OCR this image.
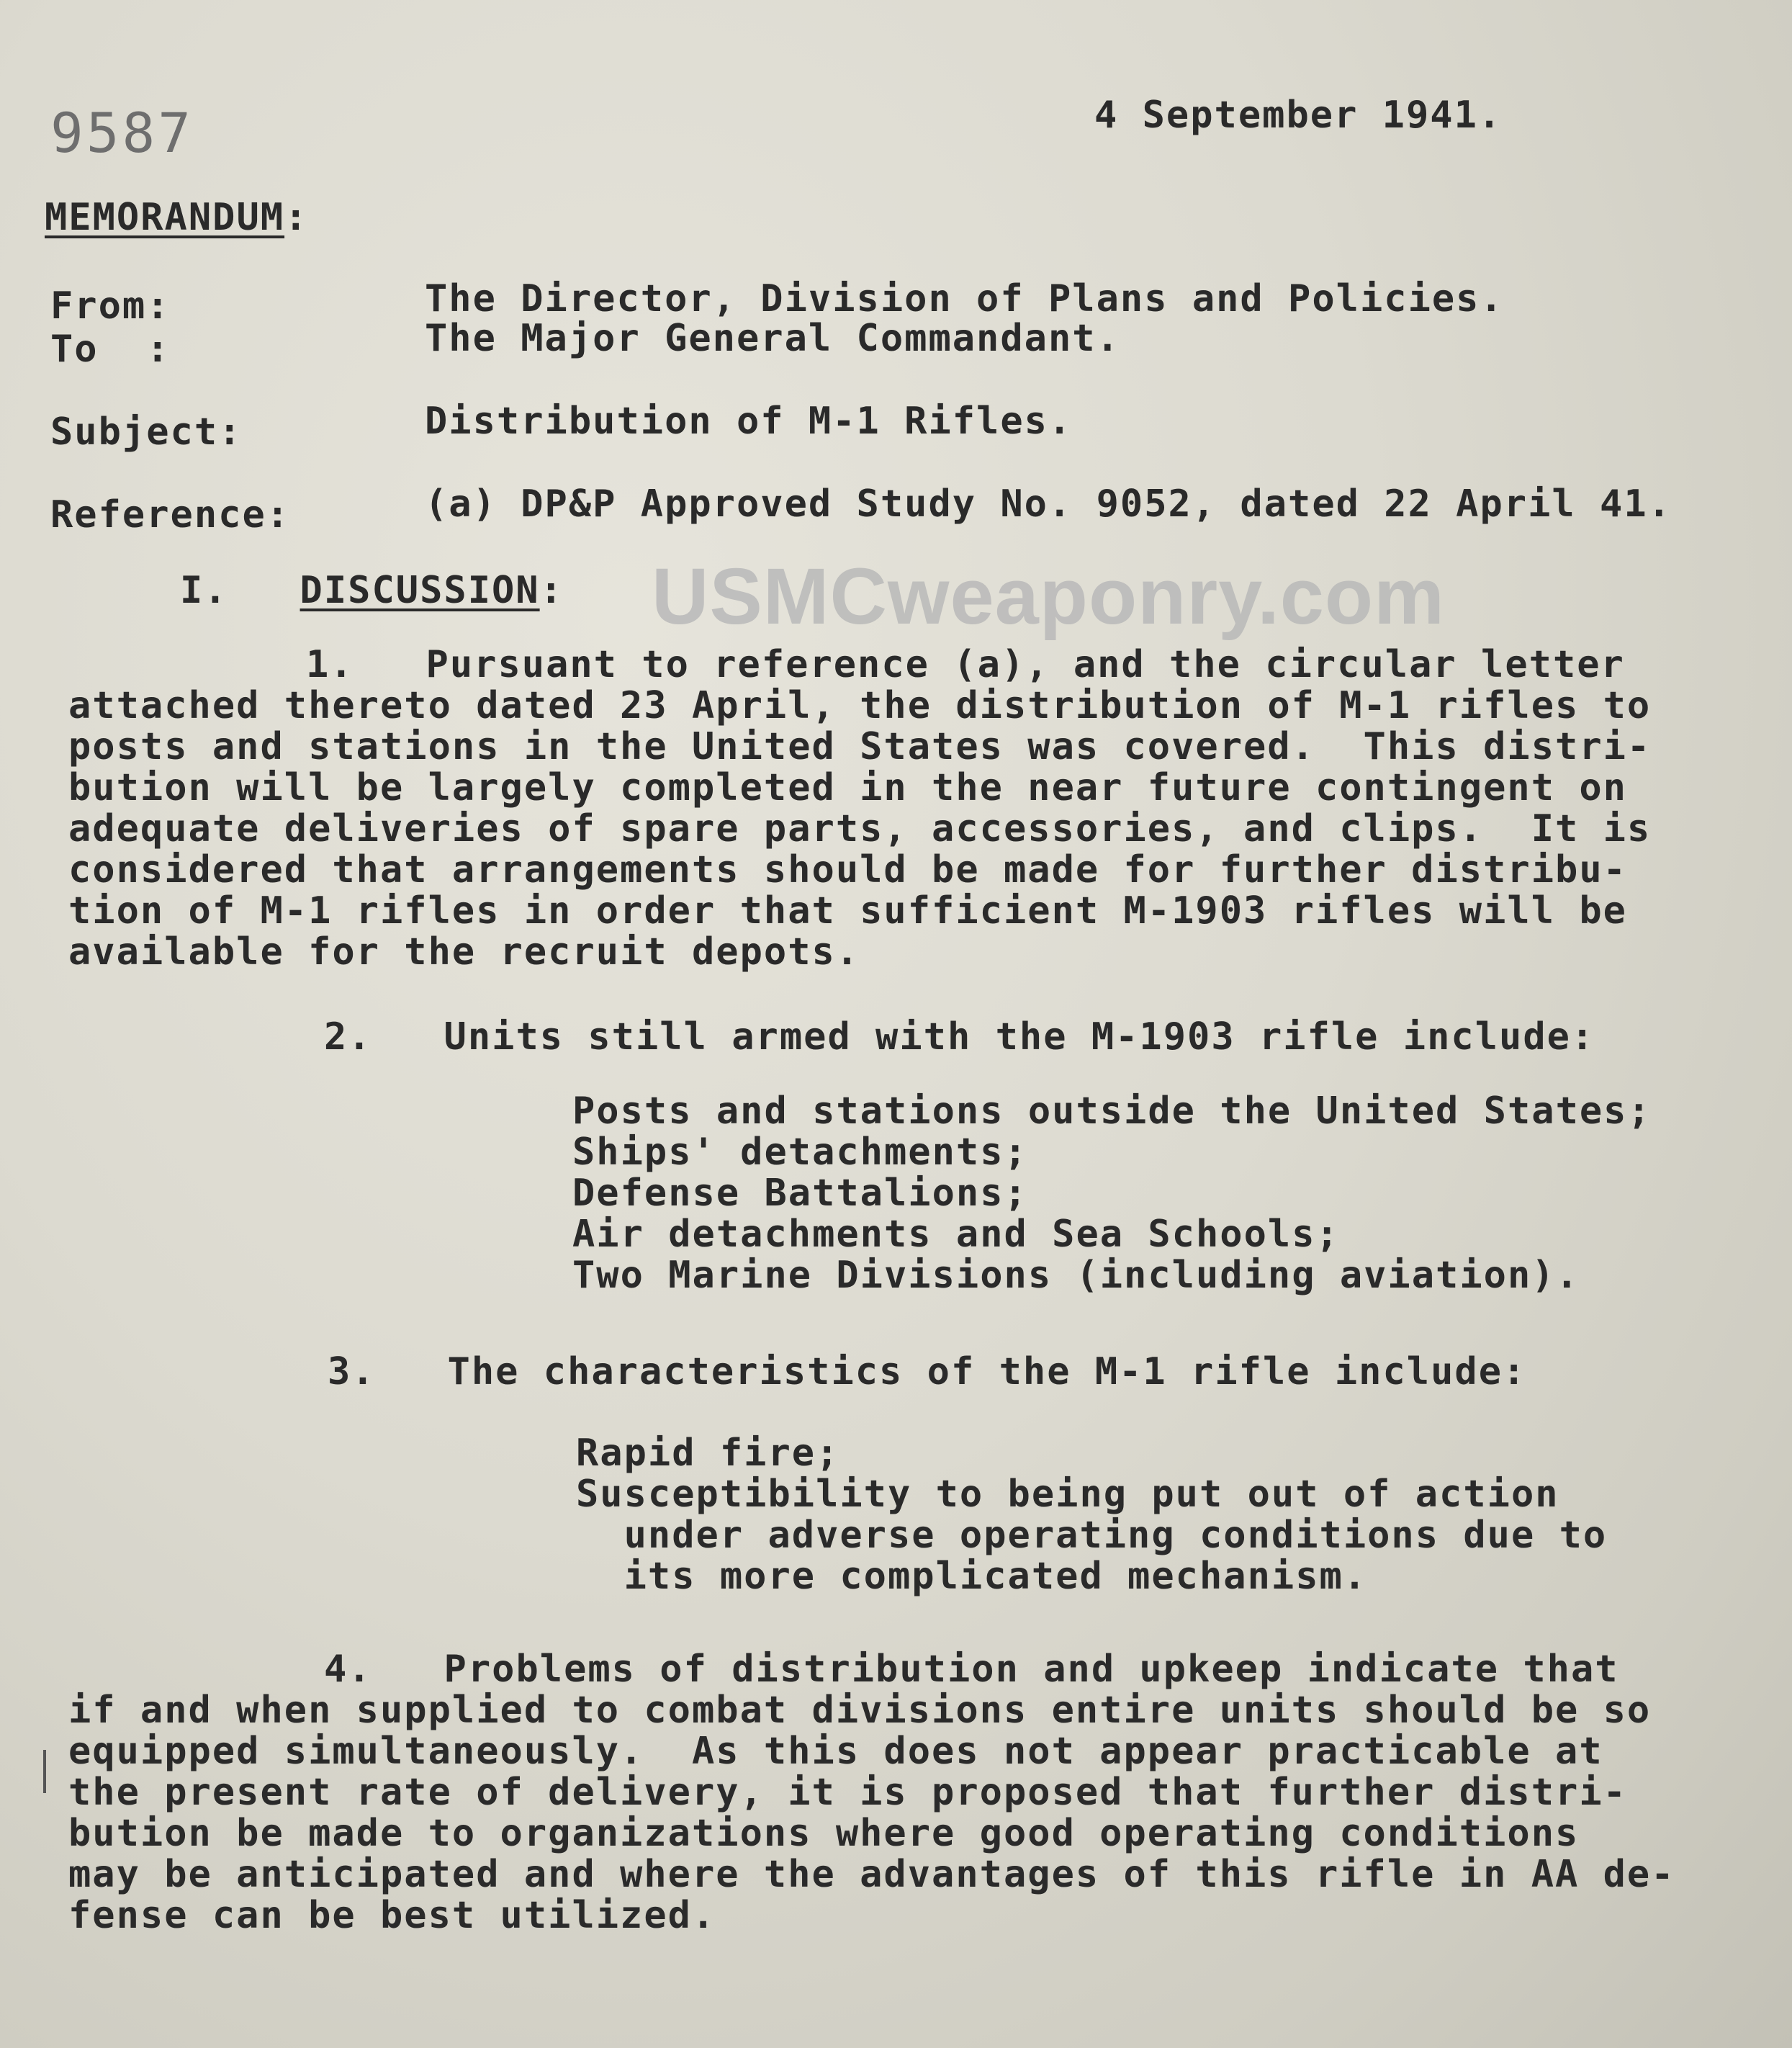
9587	4 September 1941.
MEMORANDUM:
From:	The Director, Division of Plans and Policies.
To  :	The Major General Commandant.
Subject:	Distribution of M-1 Rifles.
Reference:	(a) DP&P Approved Study No. 9052, dated 22 April 41.
I. DISCUSSION: USMCweaponry.com
1.   Pursuant to reference (a), and the circular letter
attached thereto dated 23 April, the distribution of M-1 rifles to
posts and stations in the United States was covered.  This distri-
bution will be largely completed in the near future contingent on
adequate deliveries of spare parts, accessories, and clips.  It is
considered that arrangements should be made for further distribu-
tion of M-1 rifles in order that sufficient M-1903 rifles will be
available for the recruit depots.
2.   Units still armed with the M-1903 rifle include:
Posts and stations outside the United States;
Ships' detachments;
Defense Battalions;
Air detachments and Sea Schools;
Two Marine Divisions (including aviation).
3.   The characteristics of the M-1 rifle include:
Rapid fire;
Susceptibility to being put out of action
under adverse operating conditions due to
its more complicated mechanism.
4.   Problems of distribution and upkeep indicate that
if and when supplied to combat divisions entire units should be so
equipped simultaneously.  As this does not appear practicable at
the present rate of delivery, it is proposed that further distri-
bution be made to organizations where good operating conditions
may be anticipated and where the advantages of this rifle in AA de-
fense can be best utilized.
